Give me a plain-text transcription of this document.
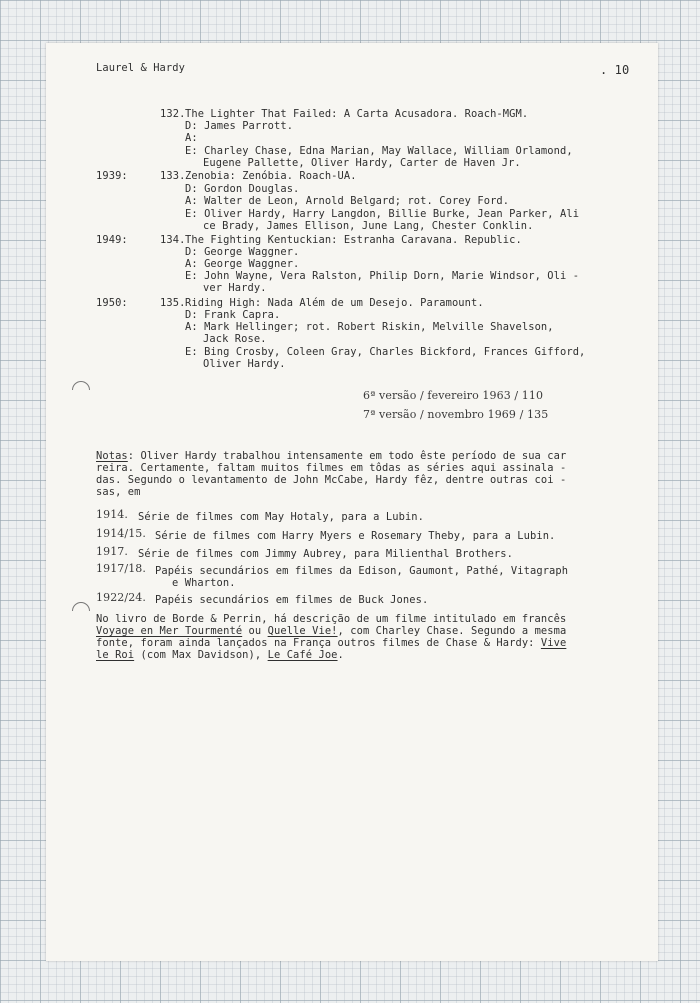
Laurel & Hardy	. 10
132. The Lighter That Failed: A Carta Acusadora. Roach-MGM.
D: James Parrott.
A:
E: Charley Chase, Edna Marian, May Wallace, William Orlamond,
Eugene Pallette, Oliver Hardy, Carter de Haven Jr.
1939:	133. Zenobia: Zenóbia. Roach-UA.
D: Gordon Douglas.
A: Walter de Leon, Arnold Belgard; rot. Corey Ford.
E: Oliver Hardy, Harry Langdon, Billie Burke, Jean Parker, Ali
ce Brady, James Ellison, June Lang, Chester Conklin.
1949:	134. The Fighting Kentuckian: Estranha Caravana. Republic.
D: George Waggner.
A: George Waggner.
E: John Wayne, Vera Ralston, Philip Dorn, Marie Windsor, Oli -
ver Hardy.
1950:	135. Riding High: Nada Além de um Desejo. Paramount.
D: Frank Capra.
A: Mark Hellinger; rot. Robert Riskin, Melville Shavelson,
Jack Rose.
E: Bing Crosby, Coleen Gray, Charles Bickford, Frances Gifford,
Oliver Hardy.
6ª versão / fevereiro 1963 / 110
7ª versão / novembro 1969 / 135
Notas: Oliver Hardy trabalhou intensamente em todo êste período de sua car
reira. Certamente, faltam muitos filmes em tôdas as séries aqui assinala -
das. Segundo o levantamento de John McCabe, Hardy fêz, dentre outras coi -
sas, em
1914. Série de filmes com May Hotaly, para a Lubin.
1914/15. Série de filmes com Harry Myers e Rosemary Theby, para a Lubin.
1917. Série de filmes com Jimmy Aubrey, para Milienthal Brothers.
1917/18. Papéis secundários em filmes da Edison, Gaumont, Pathé, Vitagraph
e Wharton.
1922/24. Papéis secundários em filmes de Buck Jones.
No livro de Borde & Perrin, há descrição de um filme intitulado em francês
Voyage en Mer Tourmenté ou Quelle Vie!, com Charley Chase. Segundo a mesma
fonte, foram ainda lançados na França outros filmes de Chase & Hardy: Vive
le Roi (com Max Davidson), Le Café Joe.
